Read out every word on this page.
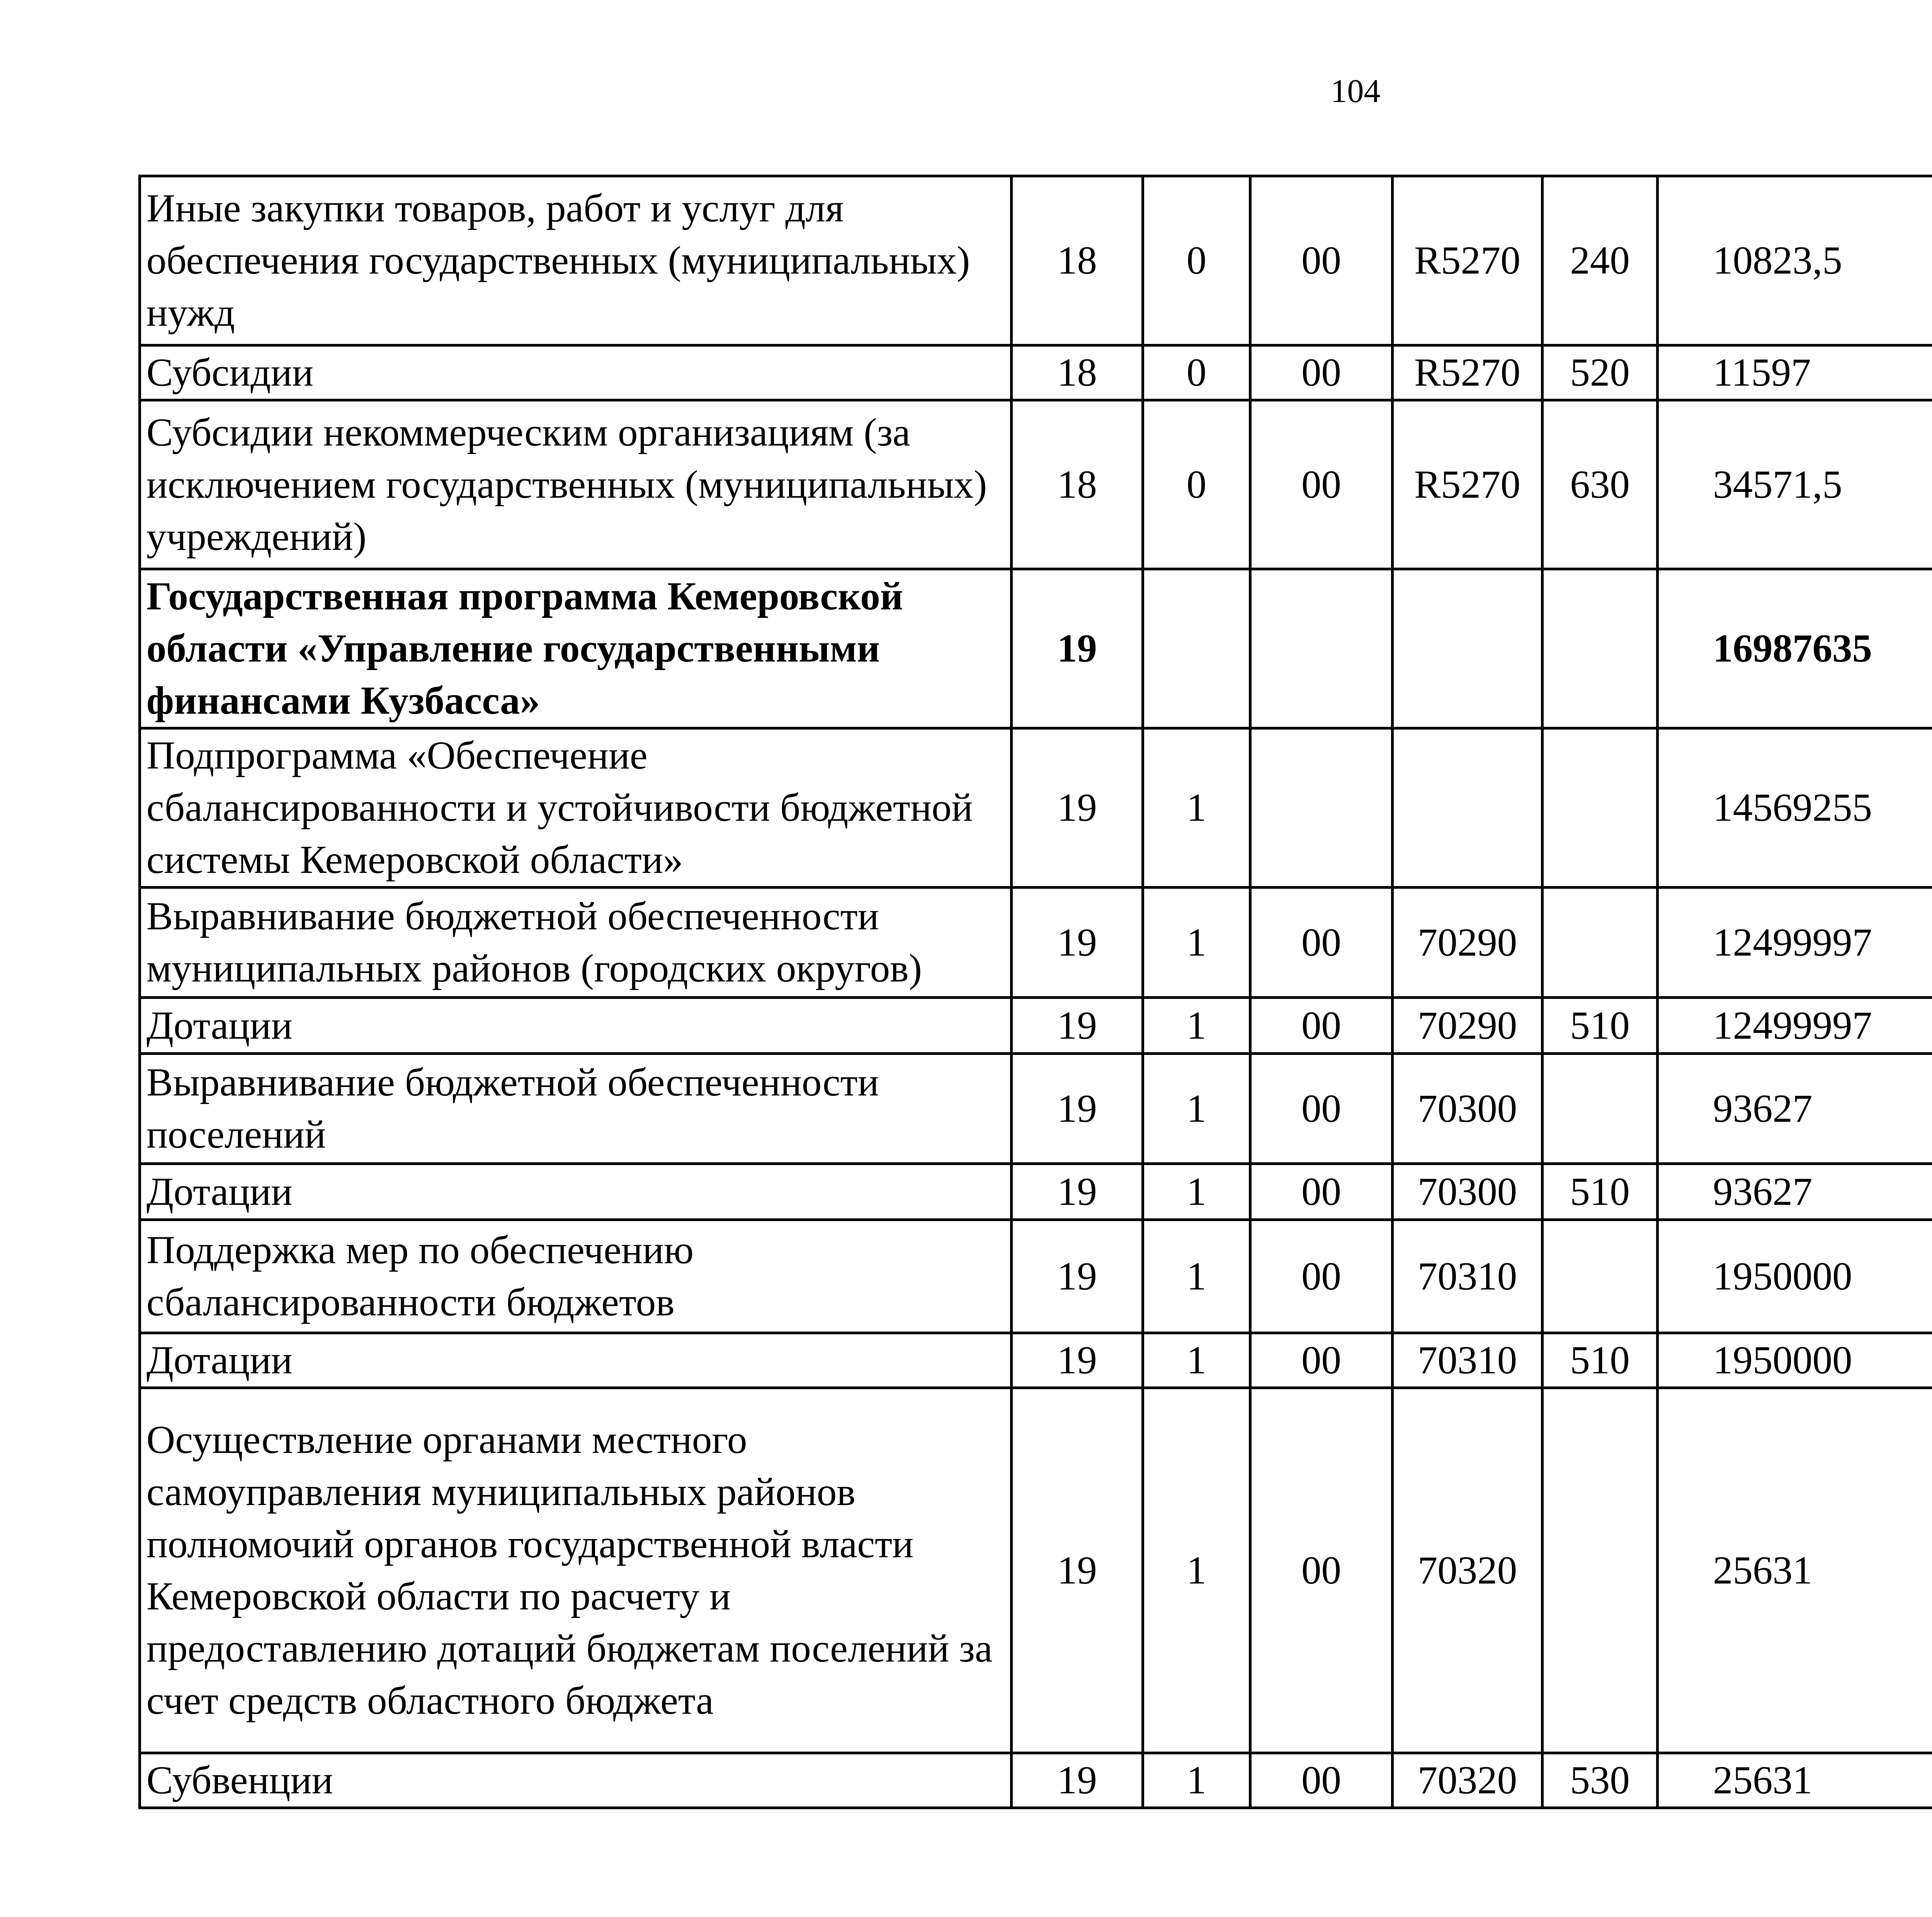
104
Иные закупки товаров, работ и услуг для обеспечения государственных (муниципальных) нужд	18	0	00	R5270	240	10823,5		
Субсидии	18	0	00	R5270	520	11597		
Субсидии некоммерческим организациям (за исключением государственных (муниципальных) учреждений)	18	0	00	R5270	630	34571,5		
Государственная программа Кемеровской области «Управление государственными финансами Кузбасса»	19					16987635		
Подпрограмма «Обеспечение сбалансированности и устойчивости бюджетной системы Кемеровской области»	19	1				14569255		
Выравнивание бюджетной обеспеченности муниципальных районов (городских округов)	19	1	00	70290		12499997		
Дотации	19	1	00	70290	510	12499997		
Выравнивание бюджетной обеспеченности поселений	19	1	00	70300		93627		
Дотации	19	1	00	70300	510	93627		
Поддержка мер по обеспечению сбалансированности бюджетов	19	1	00	70310		1950000		
Дотации	19	1	00	70310	510	1950000		
Осуществление органами местного самоуправления муниципальных районов полномочий органов государственной власти Кемеровской области по расчету и предоставлению дотаций бюджетам поселений за счет средств областного бюджета	19	1	00	70320		25631		
Субвенции	19	1	00	70320	530	25631		
